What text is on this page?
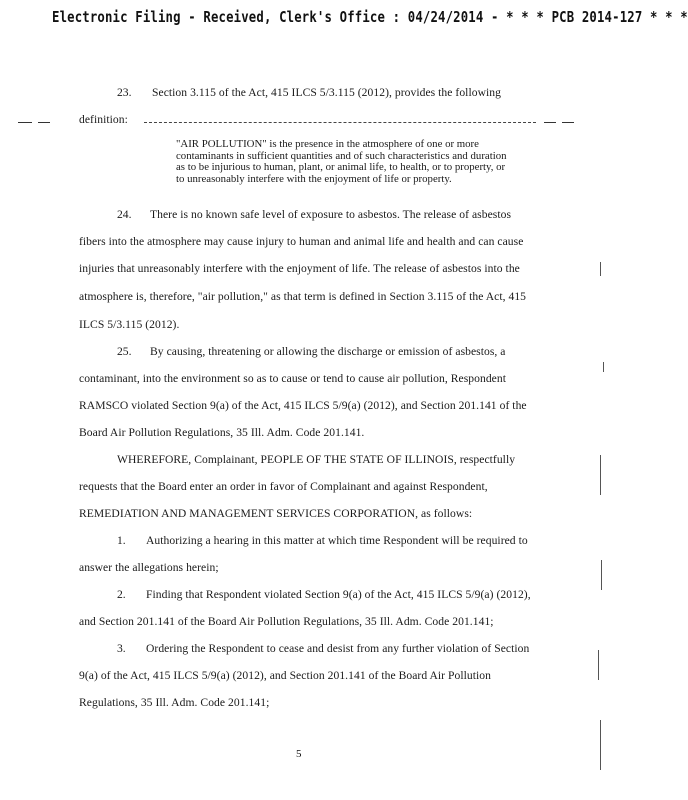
Electronic Filing - Received, Clerk's Office : 04/24/2014 - * * * PCB 2014-127 * * *
23. Section 3.115 of the Act, 415 ILCS 5/3.115 (2012), provides the following
definition:
"AIR POLLUTION" is the presence in the atmosphere of one or more
contaminants in sufficient quantities and of such characteristics and duration
as to be injurious to human, plant, or animal life, to health, or to property, or
to unreasonably interfere with the enjoyment of life or property.
24. There is no known safe level of exposure to asbestos. The release of asbestos
fibers into the atmosphere may cause injury to human and animal life and health and can cause
injuries that unreasonably interfere with the enjoyment of life. The release of asbestos into the
atmosphere is, therefore, "air pollution," as that term is defined in Section 3.115 of the Act, 415
ILCS 5/3.115 (2012).
25. By causing, threatening or allowing the discharge or emission of asbestos, a
contaminant, into the environment so as to cause or tend to cause air pollution, Respondent
RAMSCO violated Section 9(a) of the Act, 415 ILCS 5/9(a) (2012), and Section 201.141 of the
Board Air Pollution Regulations, 35 Ill. Adm. Code 201.141.
WHEREFORE, Complainant, PEOPLE OF THE STATE OF ILLINOIS, respectfully
requests that the Board enter an order in favor of Complainant and against Respondent,
REMEDIATION AND MANAGEMENT SERVICES CORPORATION, as follows:
1. Authorizing a hearing in this matter at which time Respondent will be required to
answer the allegations herein;
2. Finding that Respondent violated Section 9(a) of the Act, 415 ILCS 5/9(a) (2012),
and Section 201.141 of the Board Air Pollution Regulations, 35 Ill. Adm. Code 201.141;
3. Ordering the Respondent to cease and desist from any further violation of Section
9(a) of the Act, 415 ILCS 5/9(a) (2012), and Section 201.141 of the Board Air Pollution
Regulations, 35 Ill. Adm. Code 201.141;
5
